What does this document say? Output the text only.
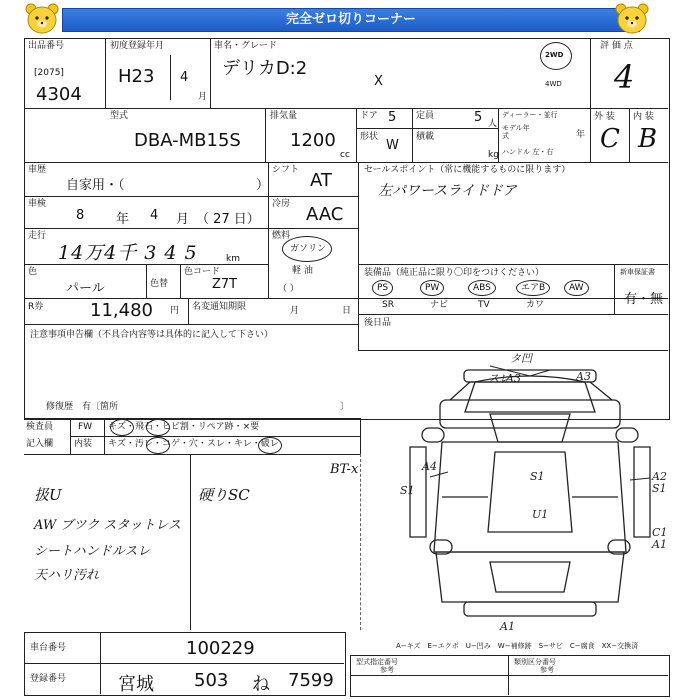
完全ゼロ切りコーナー
出品番号
[2075]
4304
初度登録年月
H23 4
月
車名・グレード
デリカD:2
X
2WD
4WD
評 価 点
4
外 装 内 装
C B
型式
DBA-MB15S
排気量
1200
cc
ドア 5 定員	5 人
形状
W
積載
kg
ディーラー・並行
モデル年式	年
ハンドル 左・右
車歴
自家用・（	）
シフト AT
車検
8 年 4 月 （ 27 日）
冷房 AAC
走行
14万4千 3 4 5	km
燃料
ガソリン
軽 油
（ ）
色
パール	色替
色コード
Z7T
セールスポイント（常に機能するものに限ります）
左パワースライドドア
装備品（純正品に限り〇印をつけください）	新車保証書
有・無
R券	11,480 円 名変通知期限	月	日
後日品
注意事項申告欄（不具合内容等は具体的に記入して下さい）
修復歴　有〔箇所	〕
検査員
記入欄
FW キズ・飛石・ヒビ割・リペア跡・×要
内装 キズ・汚レ・コゲ・穴・スレ・キレ・破レ
BT-x
扱U
AW ブツク スタットレス
シートハンドルスレ
天ハリ汚れ
硬りSC
スレ
A3
タ凹
A3
A4
S1
S1	A2
S1
U1
A1
C1
A1
A−キズ　E−エクボ　U−凹み　W−補修跡　S−サビ　C−腐食　XX−交換済
車台番号	100229
登録番号	宮城 503 ね 7599
型式指定番号	類別区分番号
参考	参考
PS	PW	ABS	エアB	AW
SR	ナビ	TV	カワ
